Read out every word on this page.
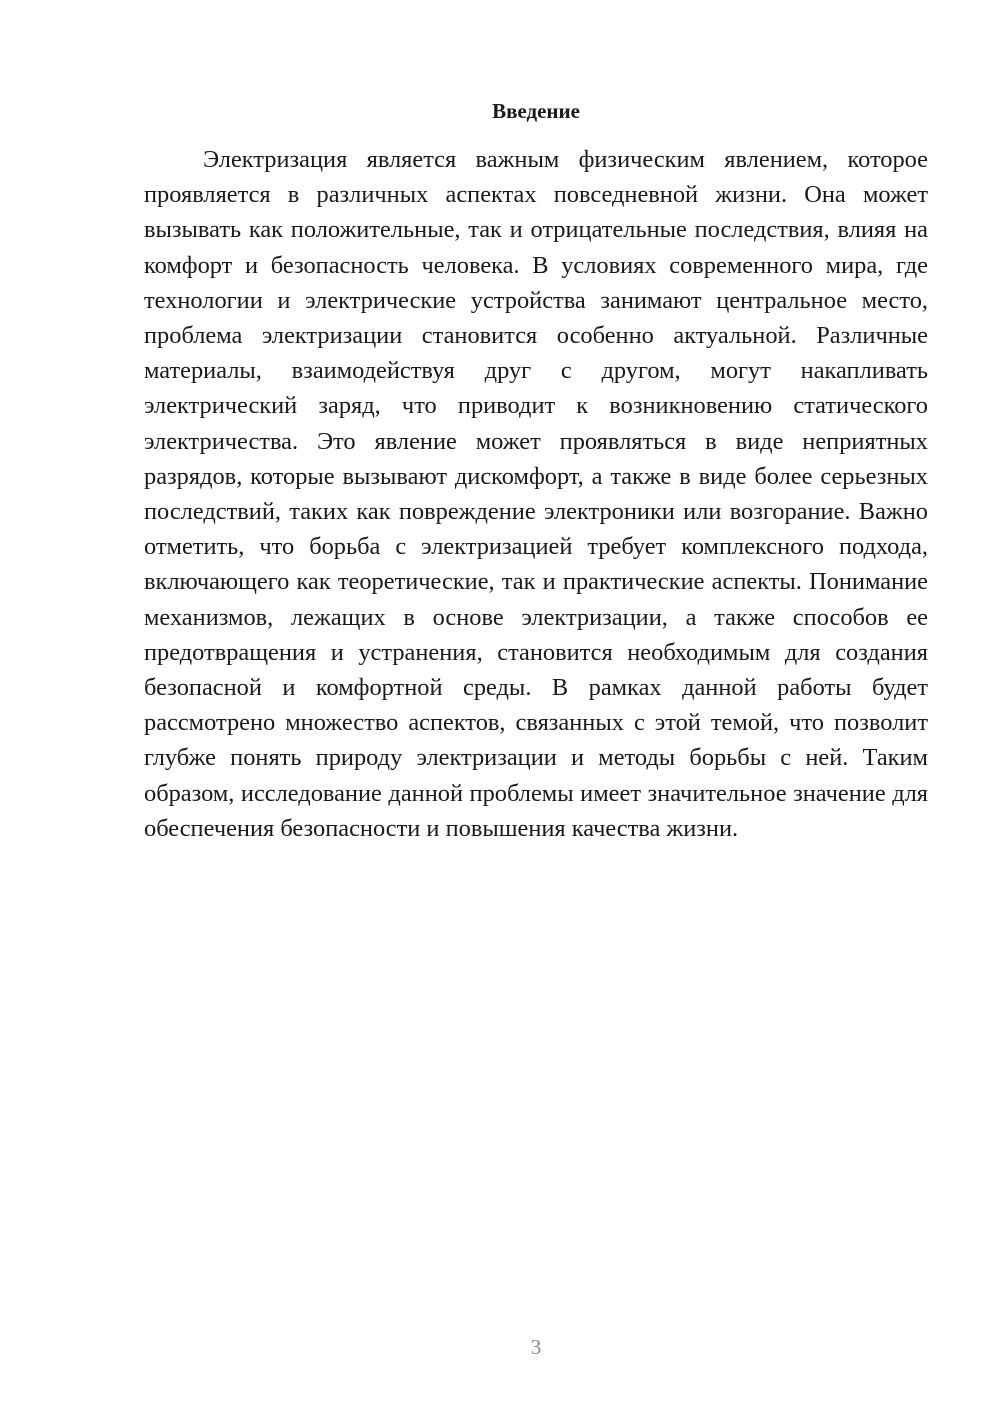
Введение

Электризация является важным физическим явлением, которое проявляется в различных аспектах повседневной жизни. Она может вызывать как положительные, так и отрицательные последствия, влияя на комфорт и безопасность человека. В условиях современного мира, где технологии и электрические устройства занимают центральное место, проблема электризации становится особенно актуальной. Различные материалы, взаимодействуя друг с другом, могут накапливать электрический заряд, что приводит к возникновению статического электричества. Это явление может проявляться в виде неприятных разрядов, которые вызывают дискомфорт, а также в виде более серьезных последствий, таких как повреждение электроники или возгорание. Важно отметить, что борьба с электризацией требует комплексного подхода, включающего как теоретические, так и практические аспекты. Понимание механизмов, лежащих в основе электризации, а также способов ее предотвращения и устранения, становится необходимым для создания безопасной и комфортной среды. В рамках данной работы будет рассмотрено множество аспектов, связанных с этой темой, что позволит глубже понять природу электризации и методы борьбы с ней. Таким образом, исследование данной проблемы имеет значительное значение для обеспечения безопасности и повышения качества жизни.

3
